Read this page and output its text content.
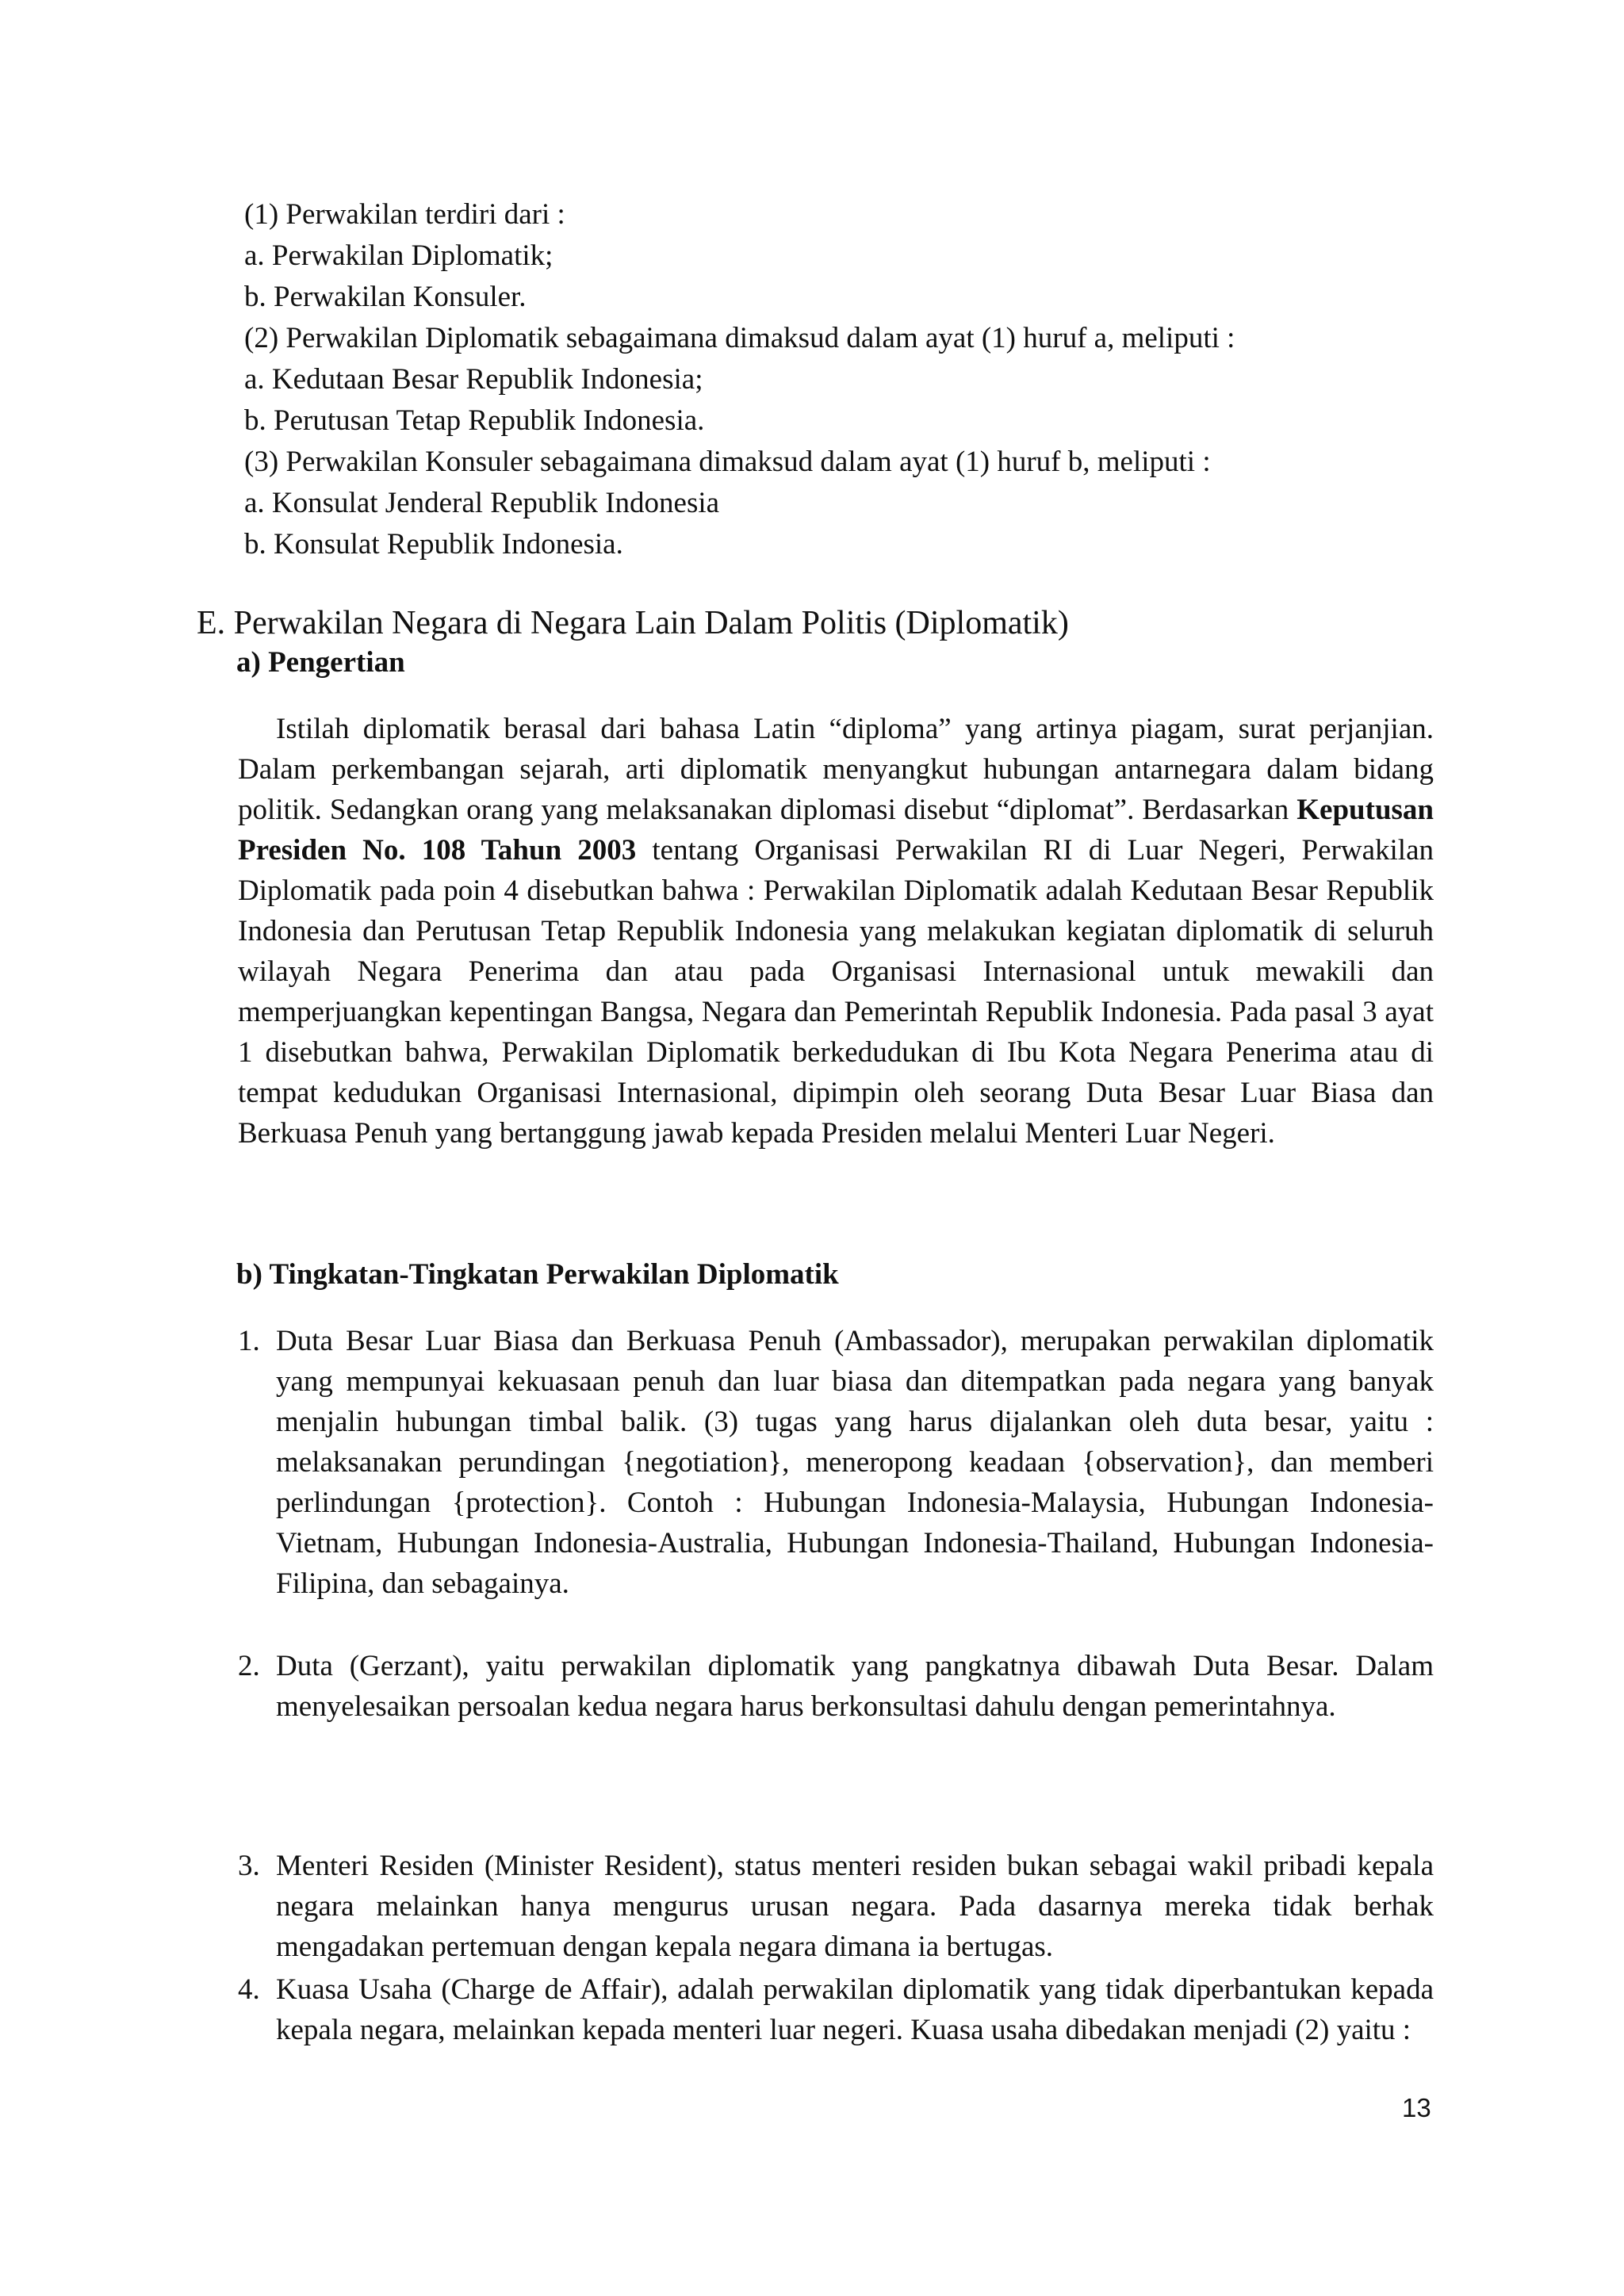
(1) Perwakilan terdiri dari :
a. Perwakilan Diplomatik;
b. Perwakilan Konsuler.
(2) Perwakilan Diplomatik sebagaimana dimaksud dalam ayat (1) huruf a, meliputi :
a. Kedutaan Besar Republik Indonesia;
b. Perutusan Tetap Republik Indonesia.
(3) Perwakilan Konsuler sebagaimana dimaksud dalam ayat (1) huruf b, meliputi :
a. Konsulat Jenderal Republik Indonesia
b. Konsulat Republik Indonesia.
E. Perwakilan Negara di Negara Lain Dalam Politis (Diplomatik)
a) Pengertian
Istilah diplomatik berasal dari bahasa Latin “diploma” yang artinya piagam, surat perjanjian. Dalam perkembangan sejarah, arti diplomatik menyangkut hubungan antarnegara dalam bidang politik. Sedangkan orang yang melaksanakan diplomasi disebut “diplomat”. Berdasarkan Keputusan Presiden No. 108 Tahun 2003 tentang Organisasi Perwakilan RI di Luar Negeri, Perwakilan Diplomatik pada poin 4 disebutkan bahwa : Perwakilan Diplomatik adalah Kedutaan Besar Republik Indonesia dan Perutusan Tetap Republik Indonesia yang melakukan kegiatan diplomatik di seluruh wilayah Negara Penerima dan atau pada Organisasi Internasional untuk mewakili dan memperjuangkan kepentingan Bangsa, Negara dan Pemerintah Republik Indonesia. Pada pasal 3 ayat 1 disebutkan bahwa, Perwakilan Diplomatik berkedudukan di Ibu Kota Negara Penerima atau di tempat kedudukan Organisasi Internasional, dipimpin oleh seorang Duta Besar Luar Biasa dan Berkuasa Penuh yang bertanggung jawab kepada Presiden melalui Menteri Luar Negeri.
b) Tingkatan-Tingkatan Perwakilan Diplomatik
1. Duta Besar Luar Biasa dan Berkuasa Penuh (Ambassador), merupakan perwakilan diplomatik yang mempunyai kekuasaan penuh dan luar biasa dan ditempatkan pada negara yang banyak menjalin hubungan timbal balik. (3) tugas yang harus dijalankan oleh duta besar, yaitu : melaksanakan perundingan {negotiation}, meneropong keadaan {observation}, dan memberi perlindungan {protection}. Contoh : Hubungan Indonesia-Malaysia, Hubungan Indonesia-Vietnam, Hubungan Indonesia-Australia, Hubungan Indonesia-Thailand, Hubungan Indonesia-Filipina, dan sebagainya.
2. Duta (Gerzant), yaitu perwakilan diplomatik yang pangkatnya dibawah Duta Besar. Dalam menyelesaikan persoalan kedua negara harus berkonsultasi dahulu dengan pemerintahnya.
3. Menteri Residen (Minister Resident), status menteri residen bukan sebagai wakil pribadi kepala negara melainkan hanya mengurus urusan negara. Pada dasarnya mereka tidak berhak mengadakan pertemuan dengan kepala negara dimana ia bertugas.
4. Kuasa Usaha (Charge de Affair), adalah perwakilan diplomatik yang tidak diperbantukan kepada kepala negara, melainkan kepada menteri luar negeri. Kuasa usaha dibedakan menjadi (2) yaitu :
13
